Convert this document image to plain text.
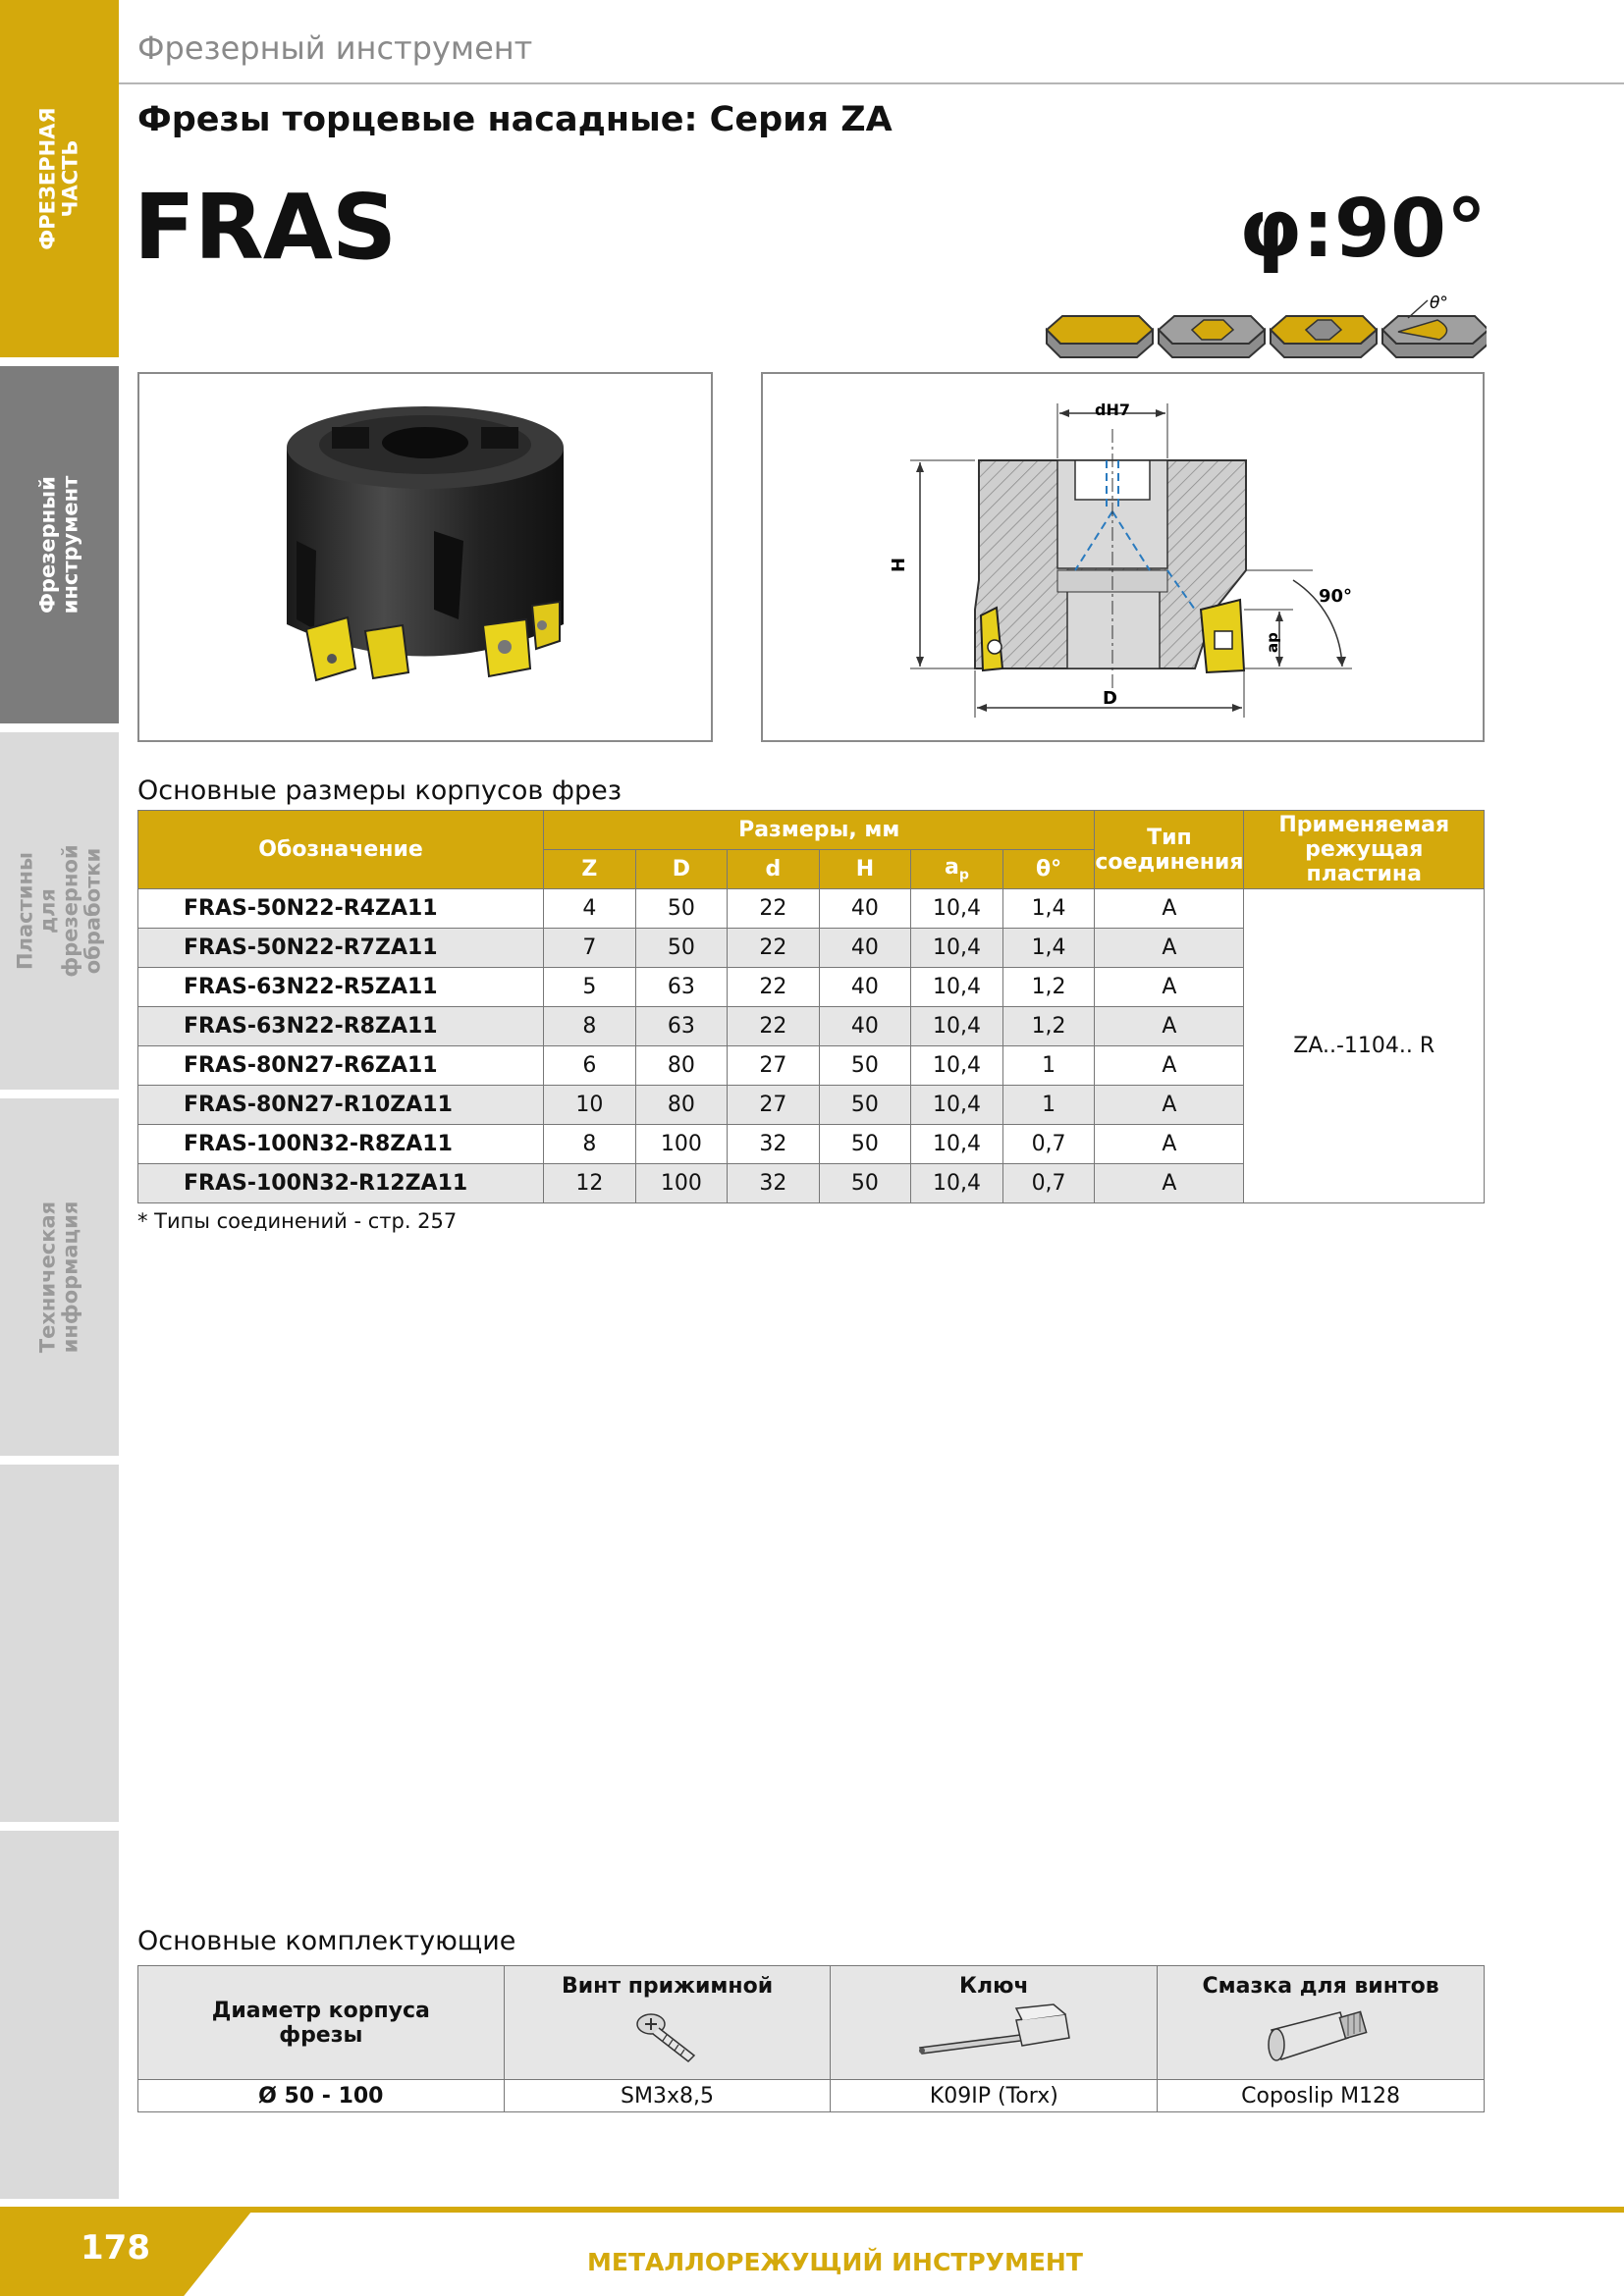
ФРЕЗЕРНАЯ
ЧАСТЬ
Фрезерный
инструмент
Пластины для
фрезерной обработки
Техническая
информация
Фрезерный инструмент
Фрезы торцевые насадные: Серия ZA
FRAS	φ:90°
θ°
dH7
H
D
ap
90°
Основные размеры корпусов фрез
Обозначение	Размеры, мм						Тип соединения	Применяемая режущая пластина
	Z	D	d	H	$a_p$	θ°		
FRAS-50N22-R4ZA11	4	50	22	40	10,4	1,4	A	ZA..-1104.. R
FRAS-50N22-R7ZA11	7	50	22	40	10,4	1,4	A	
FRAS-63N22-R5ZA11	5	63	22	40	10,4	1,2	A	
FRAS-63N22-R8ZA11	8	63	22	40	10,4	1,2	A	
FRAS-80N27-R6ZA11	6	80	27	50	10,4	1	A	
FRAS-80N27-R10ZA11	10	80	27	50	10,4	1	A	
FRAS-100N32-R8ZA11	8	100	32	50	10,4	0,7	A	
FRAS-100N32-R12ZA11	12	100	32	50	10,4	0,7	A	
* Типы соединений - стр. 257
Основные комплектующие
Диаметр корпуса
фрезы	Винт прижимной	Ключ	Смазка для винтов

Ø 50 - 100	SM3x8,5	K09IP (Torx)	Coposlip M128
178	МЕТАЛЛОРЕЖУЩИЙ ИНСТРУМЕНТ
